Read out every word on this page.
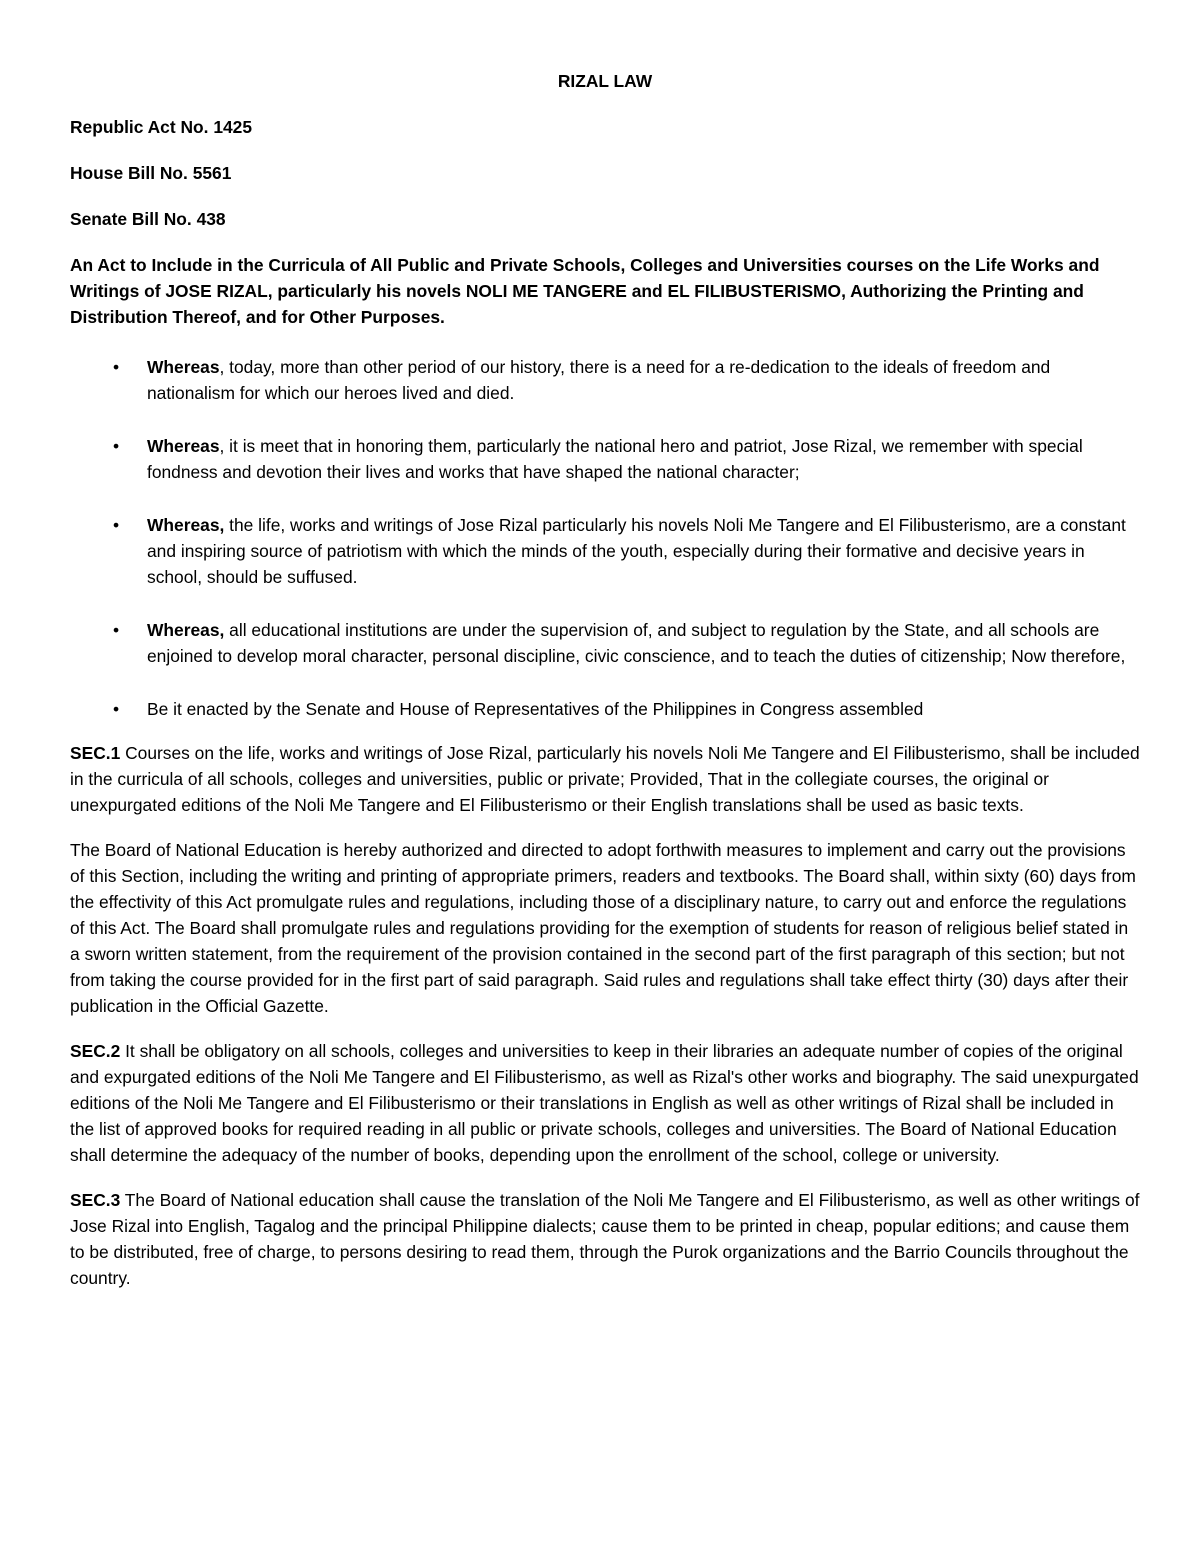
RIZAL LAW
Republic Act No. 1425
House Bill No. 5561
Senate Bill No. 438
An Act to Include in the Curricula of All Public and Private Schools, Colleges and Universities courses on the Life Works and Writings of JOSE RIZAL, particularly his novels NOLI ME TANGERE and EL FILIBUSTERISMO, Authorizing the Printing and Distribution Thereof, and for Other Purposes.
• Whereas, today, more than other period of our history, there is a need for a re-dedication to the ideals of freedom and nationalism for which our heroes lived and died.
• Whereas, it is meet that in honoring them, particularly the national hero and patriot, Jose Rizal, we remember with special fondness and devotion their lives and works that have shaped the national character;
• Whereas, the life, works and writings of Jose Rizal particularly his novels Noli Me Tangere and El Filibusterismo, are a constant and inspiring source of patriotism with which the minds of the youth, especially during their formative and decisive years in school, should be suffused.
• Whereas, all educational institutions are under the supervision of, and subject to regulation by the State, and all schools are enjoined to develop moral character, personal discipline, civic conscience, and to teach the duties of citizenship; Now therefore,
• Be it enacted by the Senate and House of Representatives of the Philippines in Congress assembled

SEC.1 Courses on the life, works and writings of Jose Rizal, particularly his novels Noli Me Tangere and El Filibusterismo, shall be included in the curricula of all schools, colleges and universities, public or private; Provided, That in the collegiate courses, the original or unexpurgated editions of the Noli Me Tangere and El Filibusterismo or their English translations shall be used as basic texts.

The Board of National Education is hereby authorized and directed to adopt forthwith measures to implement and carry out the provisions of this Section, including the writing and printing of appropriate primers, readers and textbooks. The Board shall, within sixty (60) days from the effectivity of this Act promulgate rules and regulations, including those of a disciplinary nature, to carry out and enforce the regulations of this Act. The Board shall promulgate rules and regulations providing for the exemption of students for reason of religious belief stated in a sworn written statement, from the requirement of the provision contained in the second part of the first paragraph of this section; but not from taking the course provided for in the first part of said paragraph. Said rules and regulations shall take effect thirty (30) days after their publication in the Official Gazette.

SEC.2 It shall be obligatory on all schools, colleges and universities to keep in their libraries an adequate number of copies of the original and expurgated editions of the Noli Me Tangere and El Filibusterismo, as well as Rizal's other works and biography. The said unexpurgated editions of the Noli Me Tangere and El Filibusterismo or their translations in English as well as other writings of Rizal shall be included in the list of approved books for required reading in all public or private schools, colleges and universities. The Board of National Education shall determine the adequacy of the number of books, depending upon the enrollment of the school, college or university.

SEC.3 The Board of National education shall cause the translation of the Noli Me Tangere and El Filibusterismo, as well as other writings of Jose Rizal into English, Tagalog and the principal Philippine dialects; cause them to be printed in cheap, popular editions; and cause them to be distributed, free of charge, to persons desiring to read them, through the Purok organizations and the Barrio Councils throughout the country.
